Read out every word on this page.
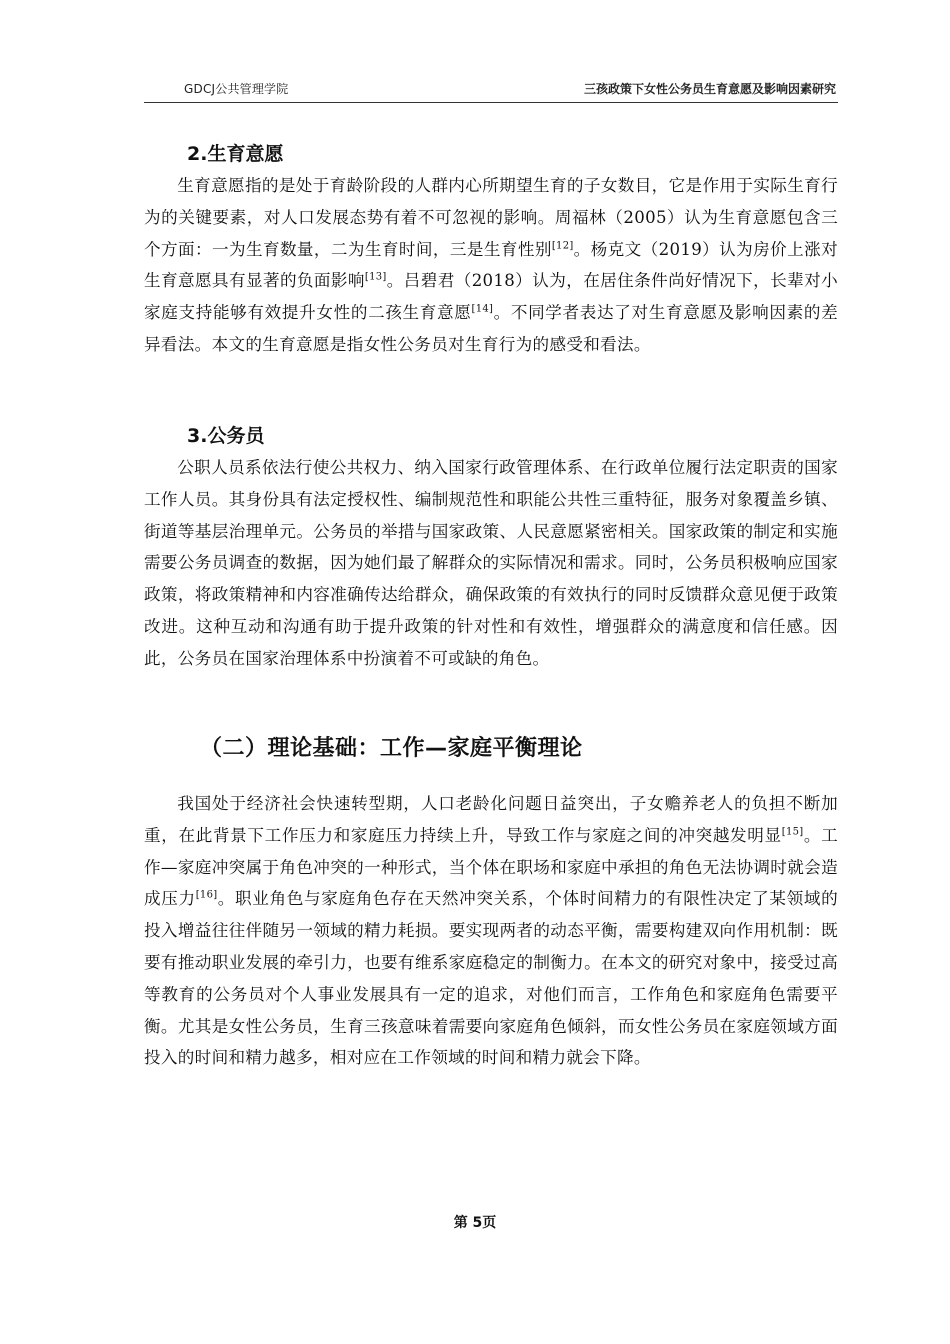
GDCJ公共管理学院	三孩政策下女性公务员生育意愿及影响因素研究
2.生育意愿

生育意愿指的是处于育龄阶段的人群内心所期望生育的子女数目，它是作用于实际生育行为的关键要素，对人口发展态势有着不可忽视的影响。周福林（2005）认为生育意愿包含三个方面：一为生育数量，二为生育时间，三是生育性别[12]。杨克文（2019）认为房价上涨对生育意愿具有显著的负面影响[13]。吕碧君（2018）认为，在居住条件尚好情况下，长辈对小家庭支持能够有效提升女性的二孩生育意愿[14]。不同学者表达了对生育意愿及影响因素的差异看法。本文的生育意愿是指女性公务员对生育行为的感受和看法。

3.公务员

公职人员系依法行使公共权力、纳入国家行政管理体系、在行政单位履行法定职责的国家工作人员。其身份具有法定授权性、编制规范性和职能公共性三重特征，服务对象覆盖乡镇、街道等基层治理单元。公务员的举措与国家政策、人民意愿紧密相关。国家政策的制定和实施需要公务员调查的数据，因为她们最了解群众的实际情况和需求。同时，公务员积极响应国家政策，将政策精神和内容准确传达给群众，确保政策的有效执行的同时反馈群众意见便于政策改进。这种互动和沟通有助于提升政策的针对性和有效性，增强群众的满意度和信任感。因此，公务员在国家治理体系中扮演着不可或缺的角色。

（二）理论基础：工作—家庭平衡理论

我国处于经济社会快速转型期，人口老龄化问题日益突出，子女赡养老人的负担不断加重，在此背景下工作压力和家庭压力持续上升，导致工作与家庭之间的冲突越发明显[15]。工作—家庭冲突属于角色冲突的一种形式，当个体在职场和家庭中承担的角色无法协调时就会造成压力[16]。职业角色与家庭角色存在天然冲突关系，个体时间精力的有限性决定了某领域的投入增益往往伴随另一领域的精力耗损。要实现两者的动态平衡，需要构建双向作用机制：既要有推动职业发展的牵引力，也要有维系家庭稳定的制衡力。在本文的研究对象中，接受过高等教育的公务员对个人事业发展具有一定的追求，对他们而言，工作角色和家庭角色需要平衡。尤其是女性公务员，生育三孩意味着需要向家庭角色倾斜，而女性公务员在家庭领域方面投入的时间和精力越多，相对应在工作领域的时间和精力就会下降。

第 5页
